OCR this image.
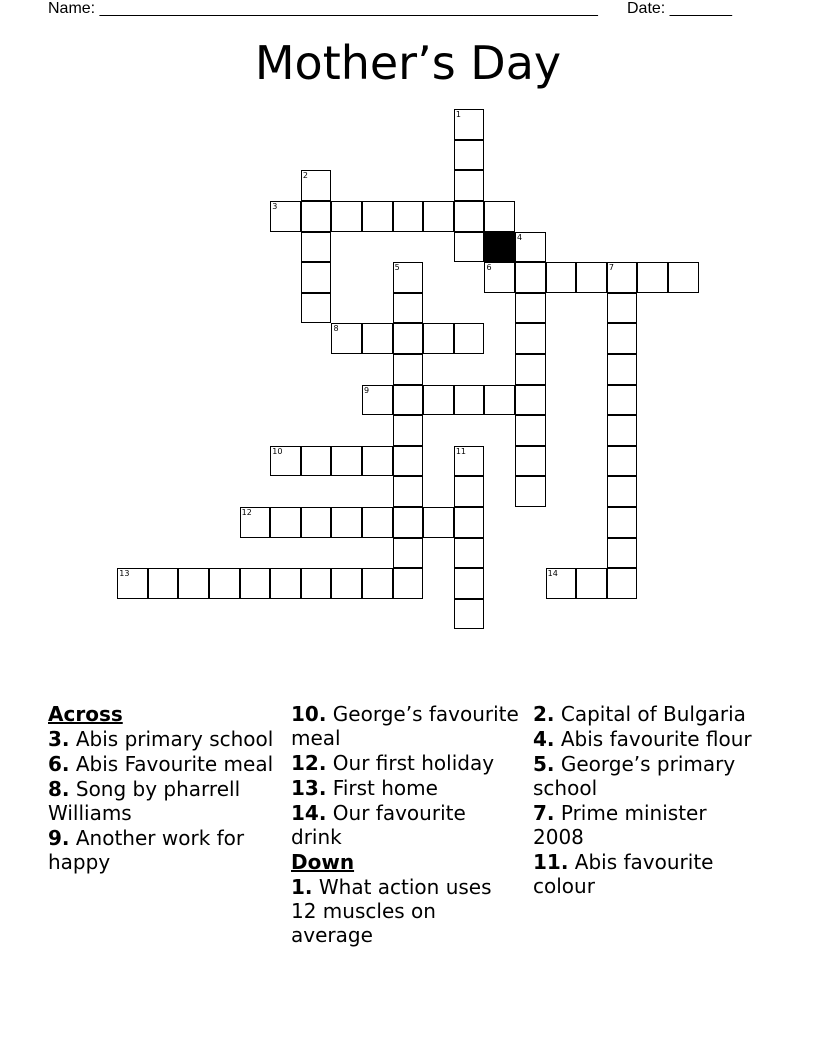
Name: ________________________________________________________ Date: _______
Mother’s Day
1
2
3
4
5	6	7
8
9
10	11
12
13	14
Across
3. Abis primary school
6. Abis Favourite meal
8. Song by pharrell Williams
9. Another work for happy
10. George’s favourite meal
12. Our first holiday
13. First home
14. Our favourite drink
Down
1. What action uses 12 muscles on average
2. Capital of Bulgaria
4. Abis favourite flour
5. George’s primary school
7. Prime minister 2008
11. Abis favourite colour
